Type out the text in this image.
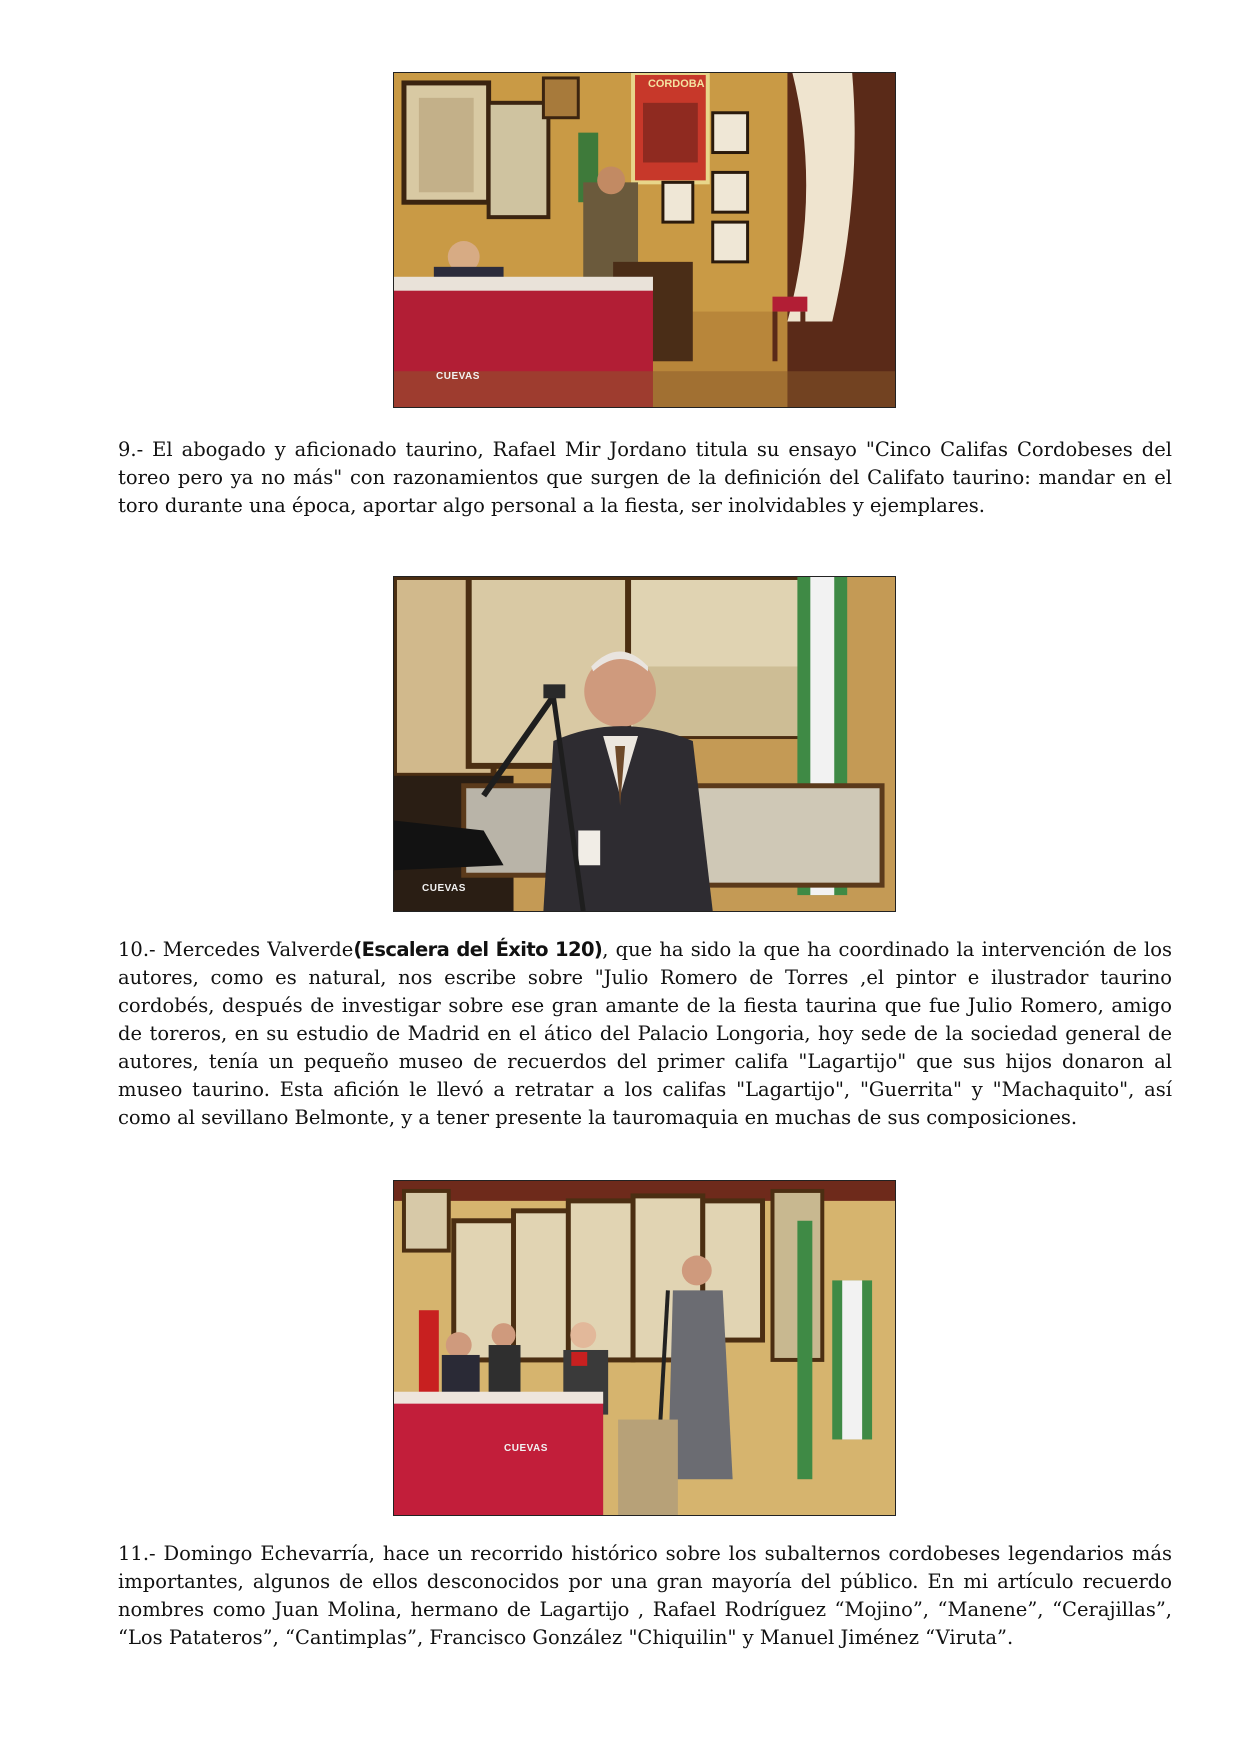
CORDOBA
CUEVAS
9.- El abogado y aficionado taurino, Rafael Mir Jordano titula su ensayo "Cinco Califas Cordobeses del toreo pero ya no más" con razonamientos que surgen de la definición del Califato taurino: mandar en el toro durante una época, aportar algo personal a la fiesta, ser inolvidables y ejemplares.
CUEVAS
10.- Mercedes Valverde(Escalera del Éxito 120), que ha sido la que ha coordinado la intervención de los autores, como es natural, nos escribe sobre "Julio Romero de Torres ,el pintor e ilustrador taurino cordobés, después de investigar sobre ese gran amante de la fiesta taurina que fue Julio Romero, amigo de toreros, en su estudio de Madrid en el ático del Palacio Longoria, hoy sede de la sociedad general de autores, tenía un pequeño museo de recuerdos del primer califa "Lagartijo" que sus hijos donaron al museo taurino. Esta afición le llevó a retratar a los califas "Lagartijo", "Guerrita" y "Machaquito", así como al sevillano Belmonte, y a tener presente la tauromaquia en muchas de sus composiciones.
CUEVAS
11.- Domingo Echevarría, hace un recorrido histórico sobre los subalternos cordobeses legendarios más importantes, algunos de ellos desconocidos por una gran mayoría del público. En mi artículo recuerdo nombres como Juan Molina, hermano de Lagartijo , Rafael Rodríguez “Mojino”, “Manene”, “Cerajillas”, “Los Patateros”, “Cantimplas”, Francisco González "Chiquilin" y Manuel Jiménez “Viruta”.
